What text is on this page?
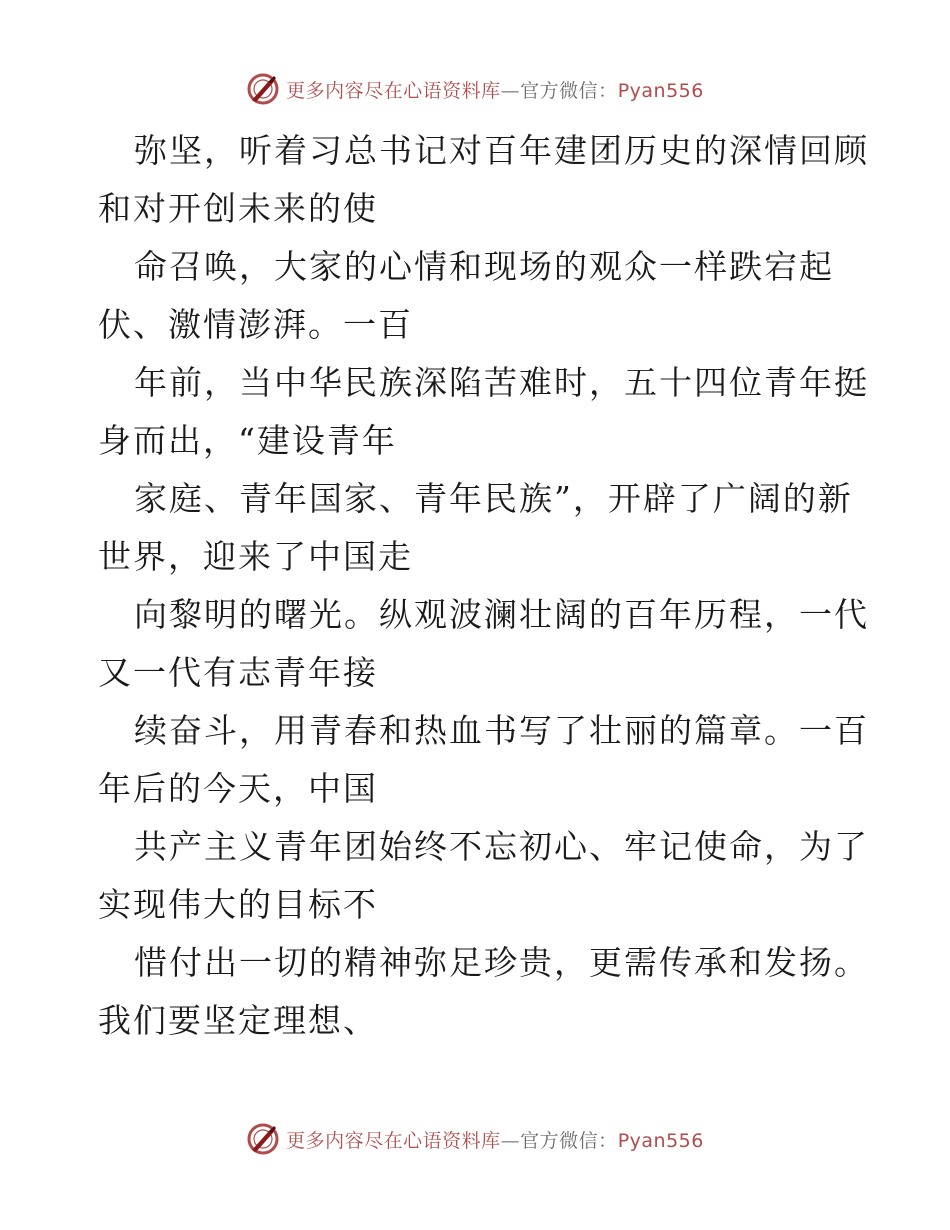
更多内容尽在心语资料库—官方微信：Pyan556
弥坚，听着习总书记对百年建团历史的深情回顾
和对开创未来的使
命召唤，大家的心情和现场的观众一样跌宕起
伏、激情澎湃。一百
年前，当中华民族深陷苦难时，五十四位青年挺
身而出，“建设青年
家庭、青年国家、青年民族”，开辟了广阔的新
世界，迎来了中国走
向黎明的曙光。纵观波澜壮阔的百年历程，一代
又一代有志青年接
续奋斗，用青春和热血书写了壮丽的篇章。一百
年后的今天，中国
共产主义青年团始终不忘初心、牢记使命，为了
实现伟大的目标不
惜付出一切的精神弥足珍贵，更需传承和发扬。
我们要坚定理想、
更多内容尽在心语资料库—官方微信：Pyan556
